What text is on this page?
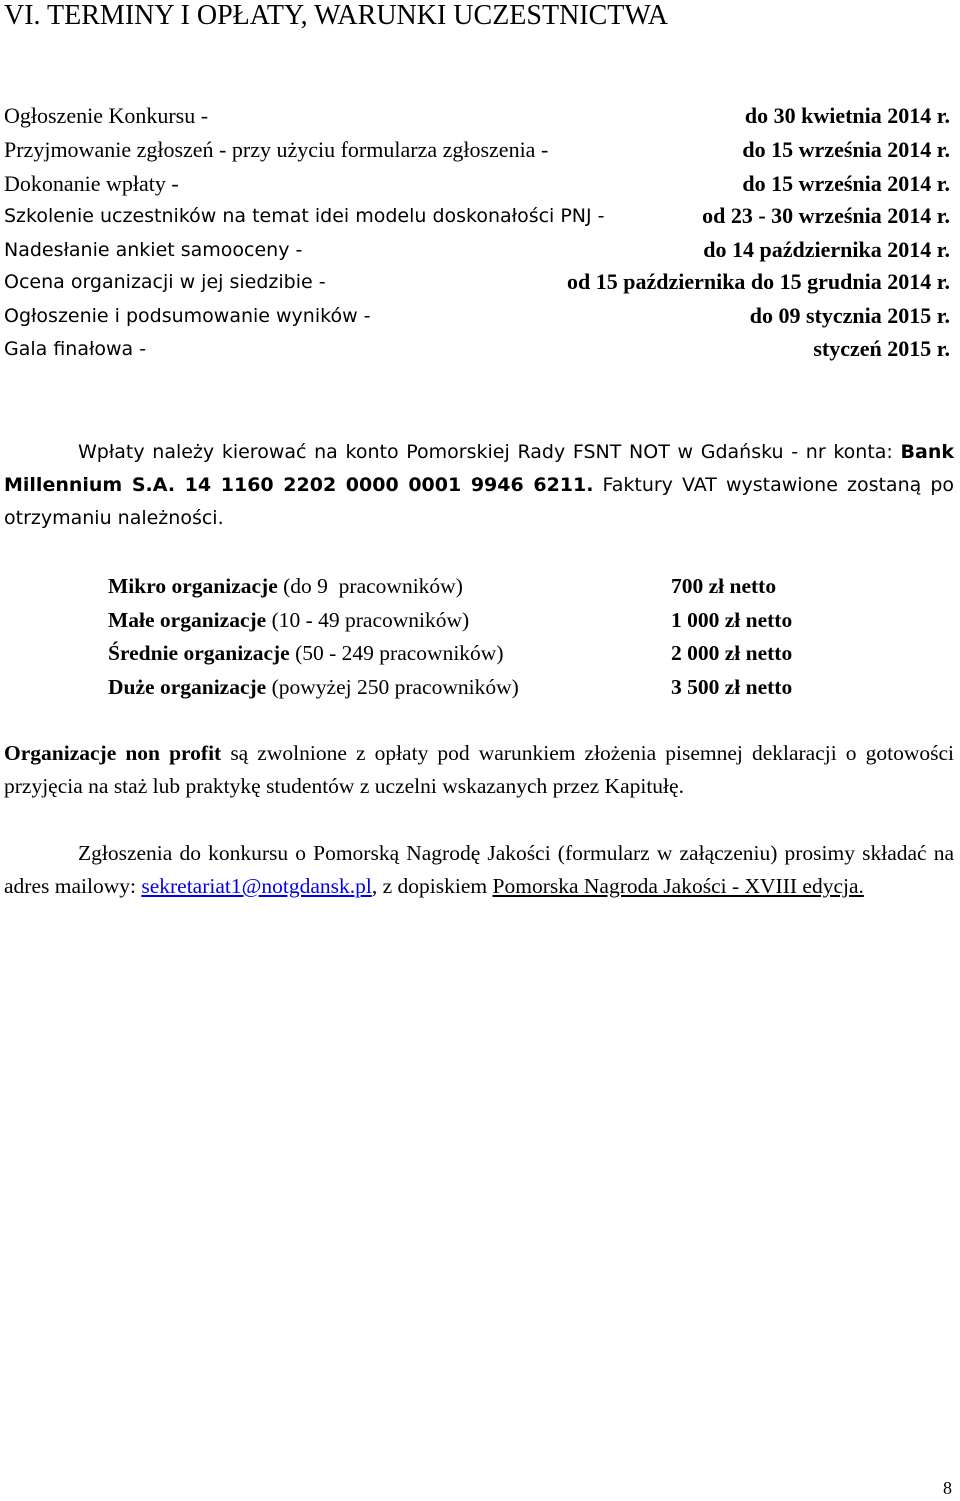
VI. TERMINY I OPŁATY, WARUNKI UCZESTNICTWA
Ogłoszenie Konkursu -	do 30 kwietnia 2014 r.
Przyjmowanie zgłoszeń - przy użyciu formularza zgłoszenia -	do 15 września 2014 r.
Dokonanie wpłaty -	do 15 września 2014 r.
Szkolenie uczestników na temat idei modelu doskonałości PNJ -	od 23 - 30 września 2014 r.
Nadesłanie ankiet samooceny -	do 14 października 2014 r.
Ocena organizacji w jej siedzibie -	od 15 października do 15 grudnia 2014 r.
Ogłoszenie i podsumowanie wyników -	do 09 stycznia 2015 r.
Gala finałowa -	styczeń 2015 r.

Wpłaty należy kierować na konto Pomorskiej Rady FSNT NOT w Gdańsku - nr konta: Bank Millennium S.A. 14 1160 2202 0000 0001 9946 6211. Faktury VAT wystawione zostaną po otrzymaniu należności.

Mikro organizacje (do 9  pracowników)	700 zł netto
Małe organizacje (10 - 49 pracowników)	1 000 zł netto
Średnie organizacje (50 - 249 pracowników)	2 000 zł netto
Duże organizacje (powyżej 250 pracowników)	3 500 zł netto

Organizacje non profit są zwolnione z opłaty pod warunkiem złożenia pisemnej deklaracji o gotowości przyjęcia na staż lub praktykę studentów z uczelni wskazanych przez Kapitułę.

Zgłoszenia do konkursu o Pomorską Nagrodę Jakości (formularz w załączeniu) prosimy składać na adres mailowy: sekretariat1@notgdansk.pl, z dopiskiem Pomorska Nagroda Jakości - XVIII edycja.

8
